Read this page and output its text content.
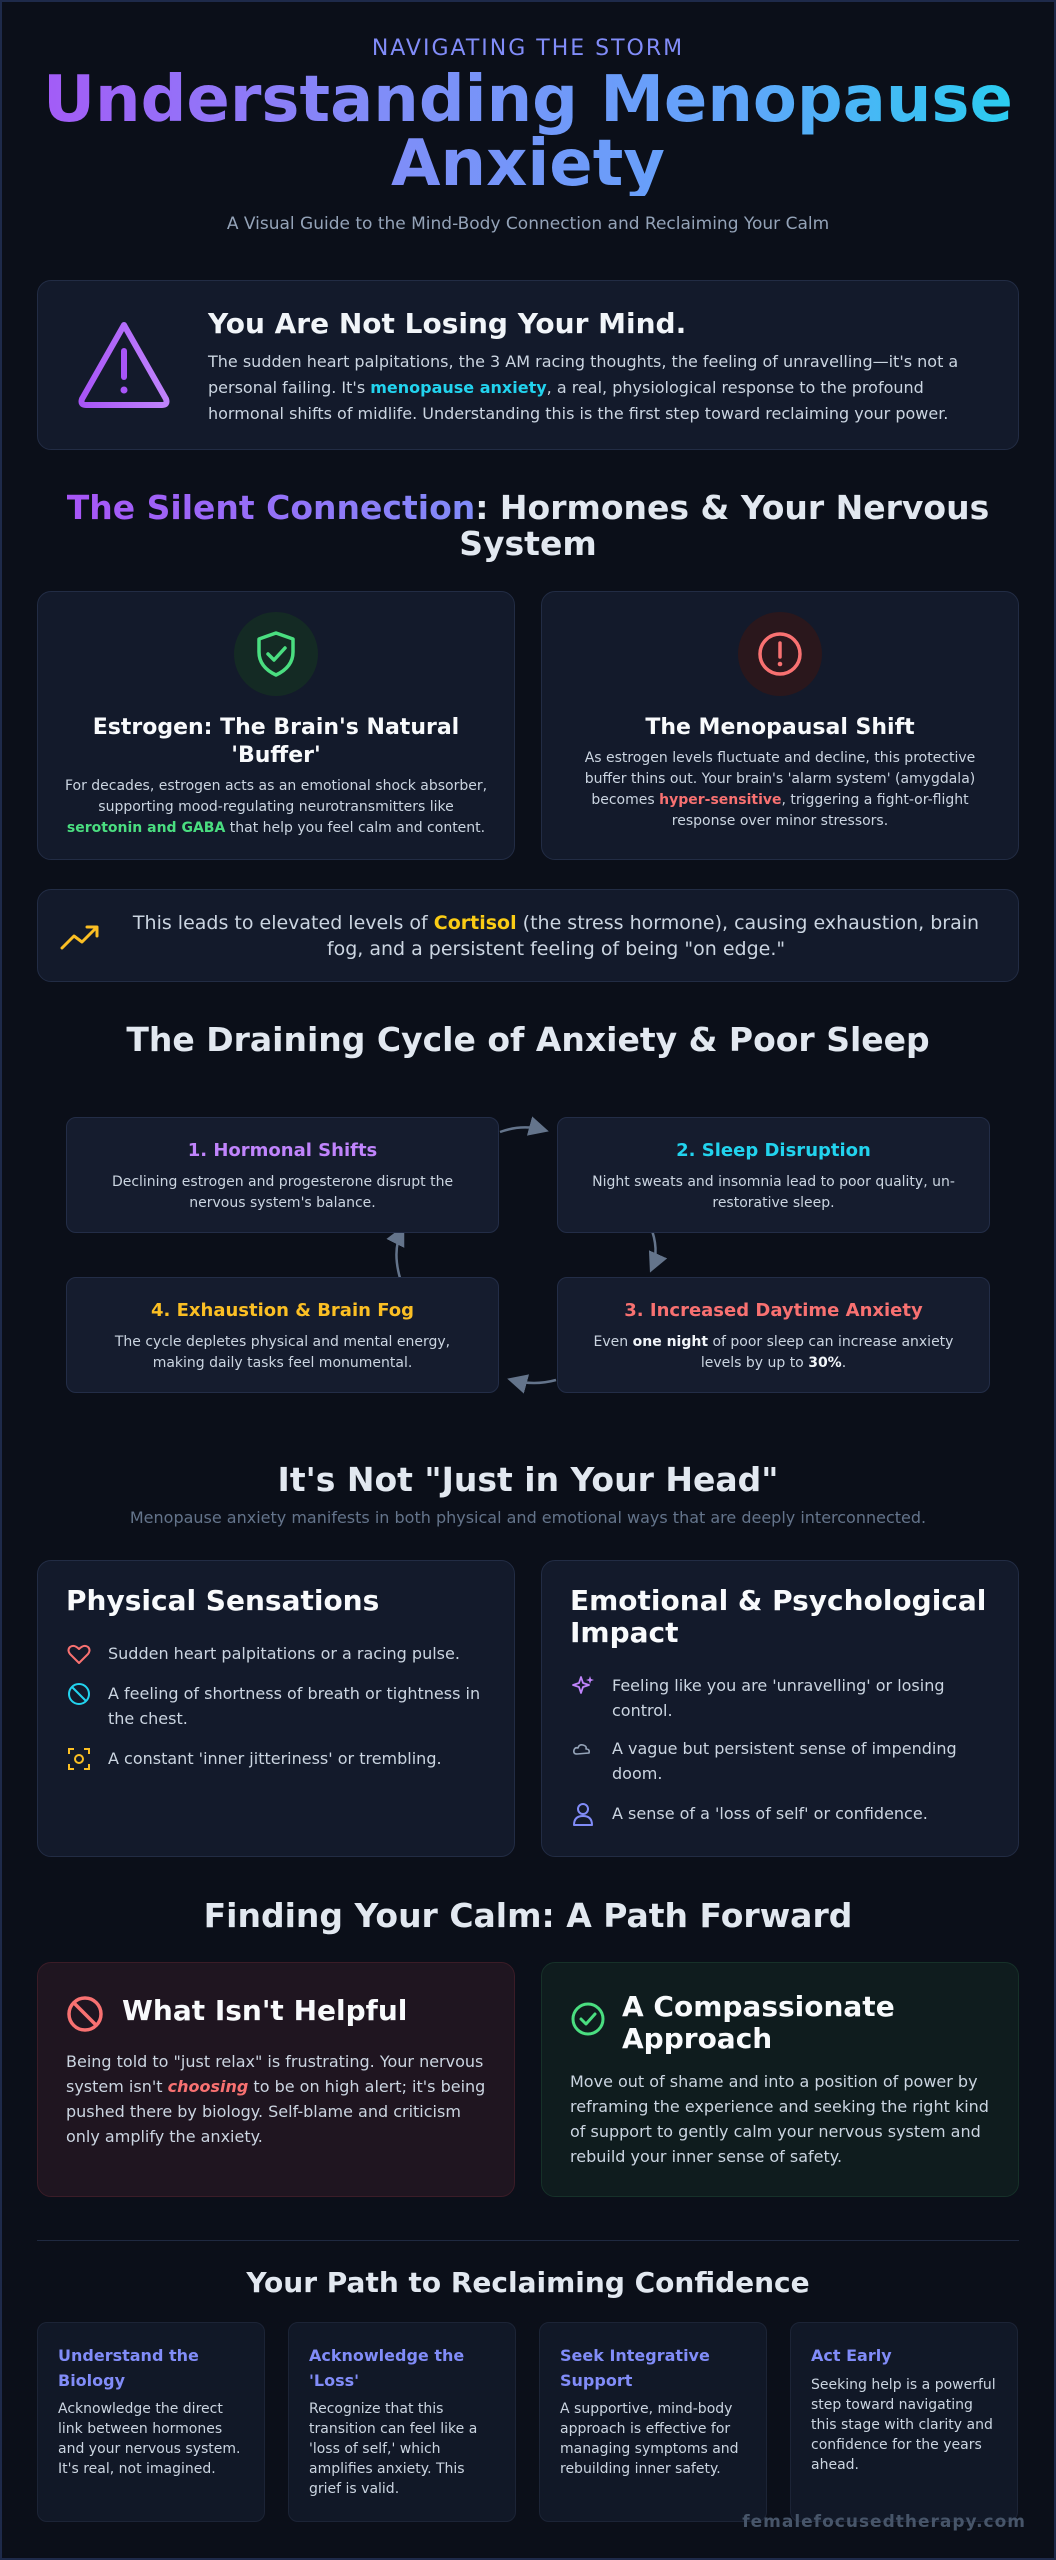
NAVIGATING THE STORM
Understanding Menopause
Anxiety
A Visual Guide to the Mind-Body Connection and Reclaiming Your Calm
You Are Not Losing Your Mind.

The sudden heart palpitations, the 3 AM racing thoughts, the feeling of unravelling—it's not a personal failing. It's menopause anxiety, a real, physiological response to the profound hormonal shifts of midlife. Understanding this is the first step toward reclaiming your power.

The Silent Connection: Hormones & Your Nervous System
Estrogen: The Brain's Natural 'Buffer'

For decades, estrogen acts as an emotional shock absorber, supporting mood-regulating neurotransmitters like serotonin and GABA that help you feel calm and content.

The Menopausal Shift

As estrogen levels fluctuate and decline, this protective buffer thins out. Your brain's 'alarm system' (amygdala) becomes hyper-sensitive, triggering a fight-or-flight response over minor stressors.

This leads to elevated levels of Cortisol (the stress hormone), causing exhaustion, brain fog, and a persistent feeling of being "on edge."

The Draining Cycle of Anxiety & Poor Sleep
1. Hormonal Shifts

Declining estrogen and progesterone disrupt the nervous system's balance.

2. Sleep Disruption

Night sweats and insomnia lead to poor quality, un-restorative sleep.

4. Exhaustion & Brain Fog

The cycle depletes physical and mental energy, making daily tasks feel monumental.

3. Increased Daytime Anxiety

Even one night of poor sleep can increase anxiety levels by up to 30%.

It's Not "Just in Your Head"
Menopause anxiety manifests in both physical and emotional ways that are deeply interconnected.
Physical Sensations
Sudden heart palpitations or a racing pulse.
A feeling of shortness of breath or tightness in the chest.
A constant 'inner jitteriness' or trembling.
Emotional & Psychological Impact
Feeling like you are 'unravelling' or losing control.
A vague but persistent sense of impending doom.
A sense of a 'loss of self' or confidence.
Finding Your Calm: A Path Forward
What Isn't Helpful

Being told to "just relax" is frustrating. Your nervous system isn't choosing to be on high alert; it's being pushed there by biology. Self-blame and criticism only amplify the anxiety.

A Compassionate Approach

Move out of shame and into a position of power by reframing the experience and seeking the right kind of support to gently calm your nervous system and rebuild your inner sense of safety.

Your Path to Reclaiming Confidence
Understand the Biology

Acknowledge the direct link between hormones and your nervous system. It's real, not imagined.

Acknowledge the 'Loss'

Recognize that this transition can feel like a 'loss of self,' which amplifies anxiety. This grief is valid.

Seek Integrative Support

A supportive, mind-body approach is effective for managing symptoms and rebuilding inner safety.

Act Early

Seeking help is a powerful step toward navigating this stage with clarity and confidence for the years ahead.

femalefocusedtherapy.com
